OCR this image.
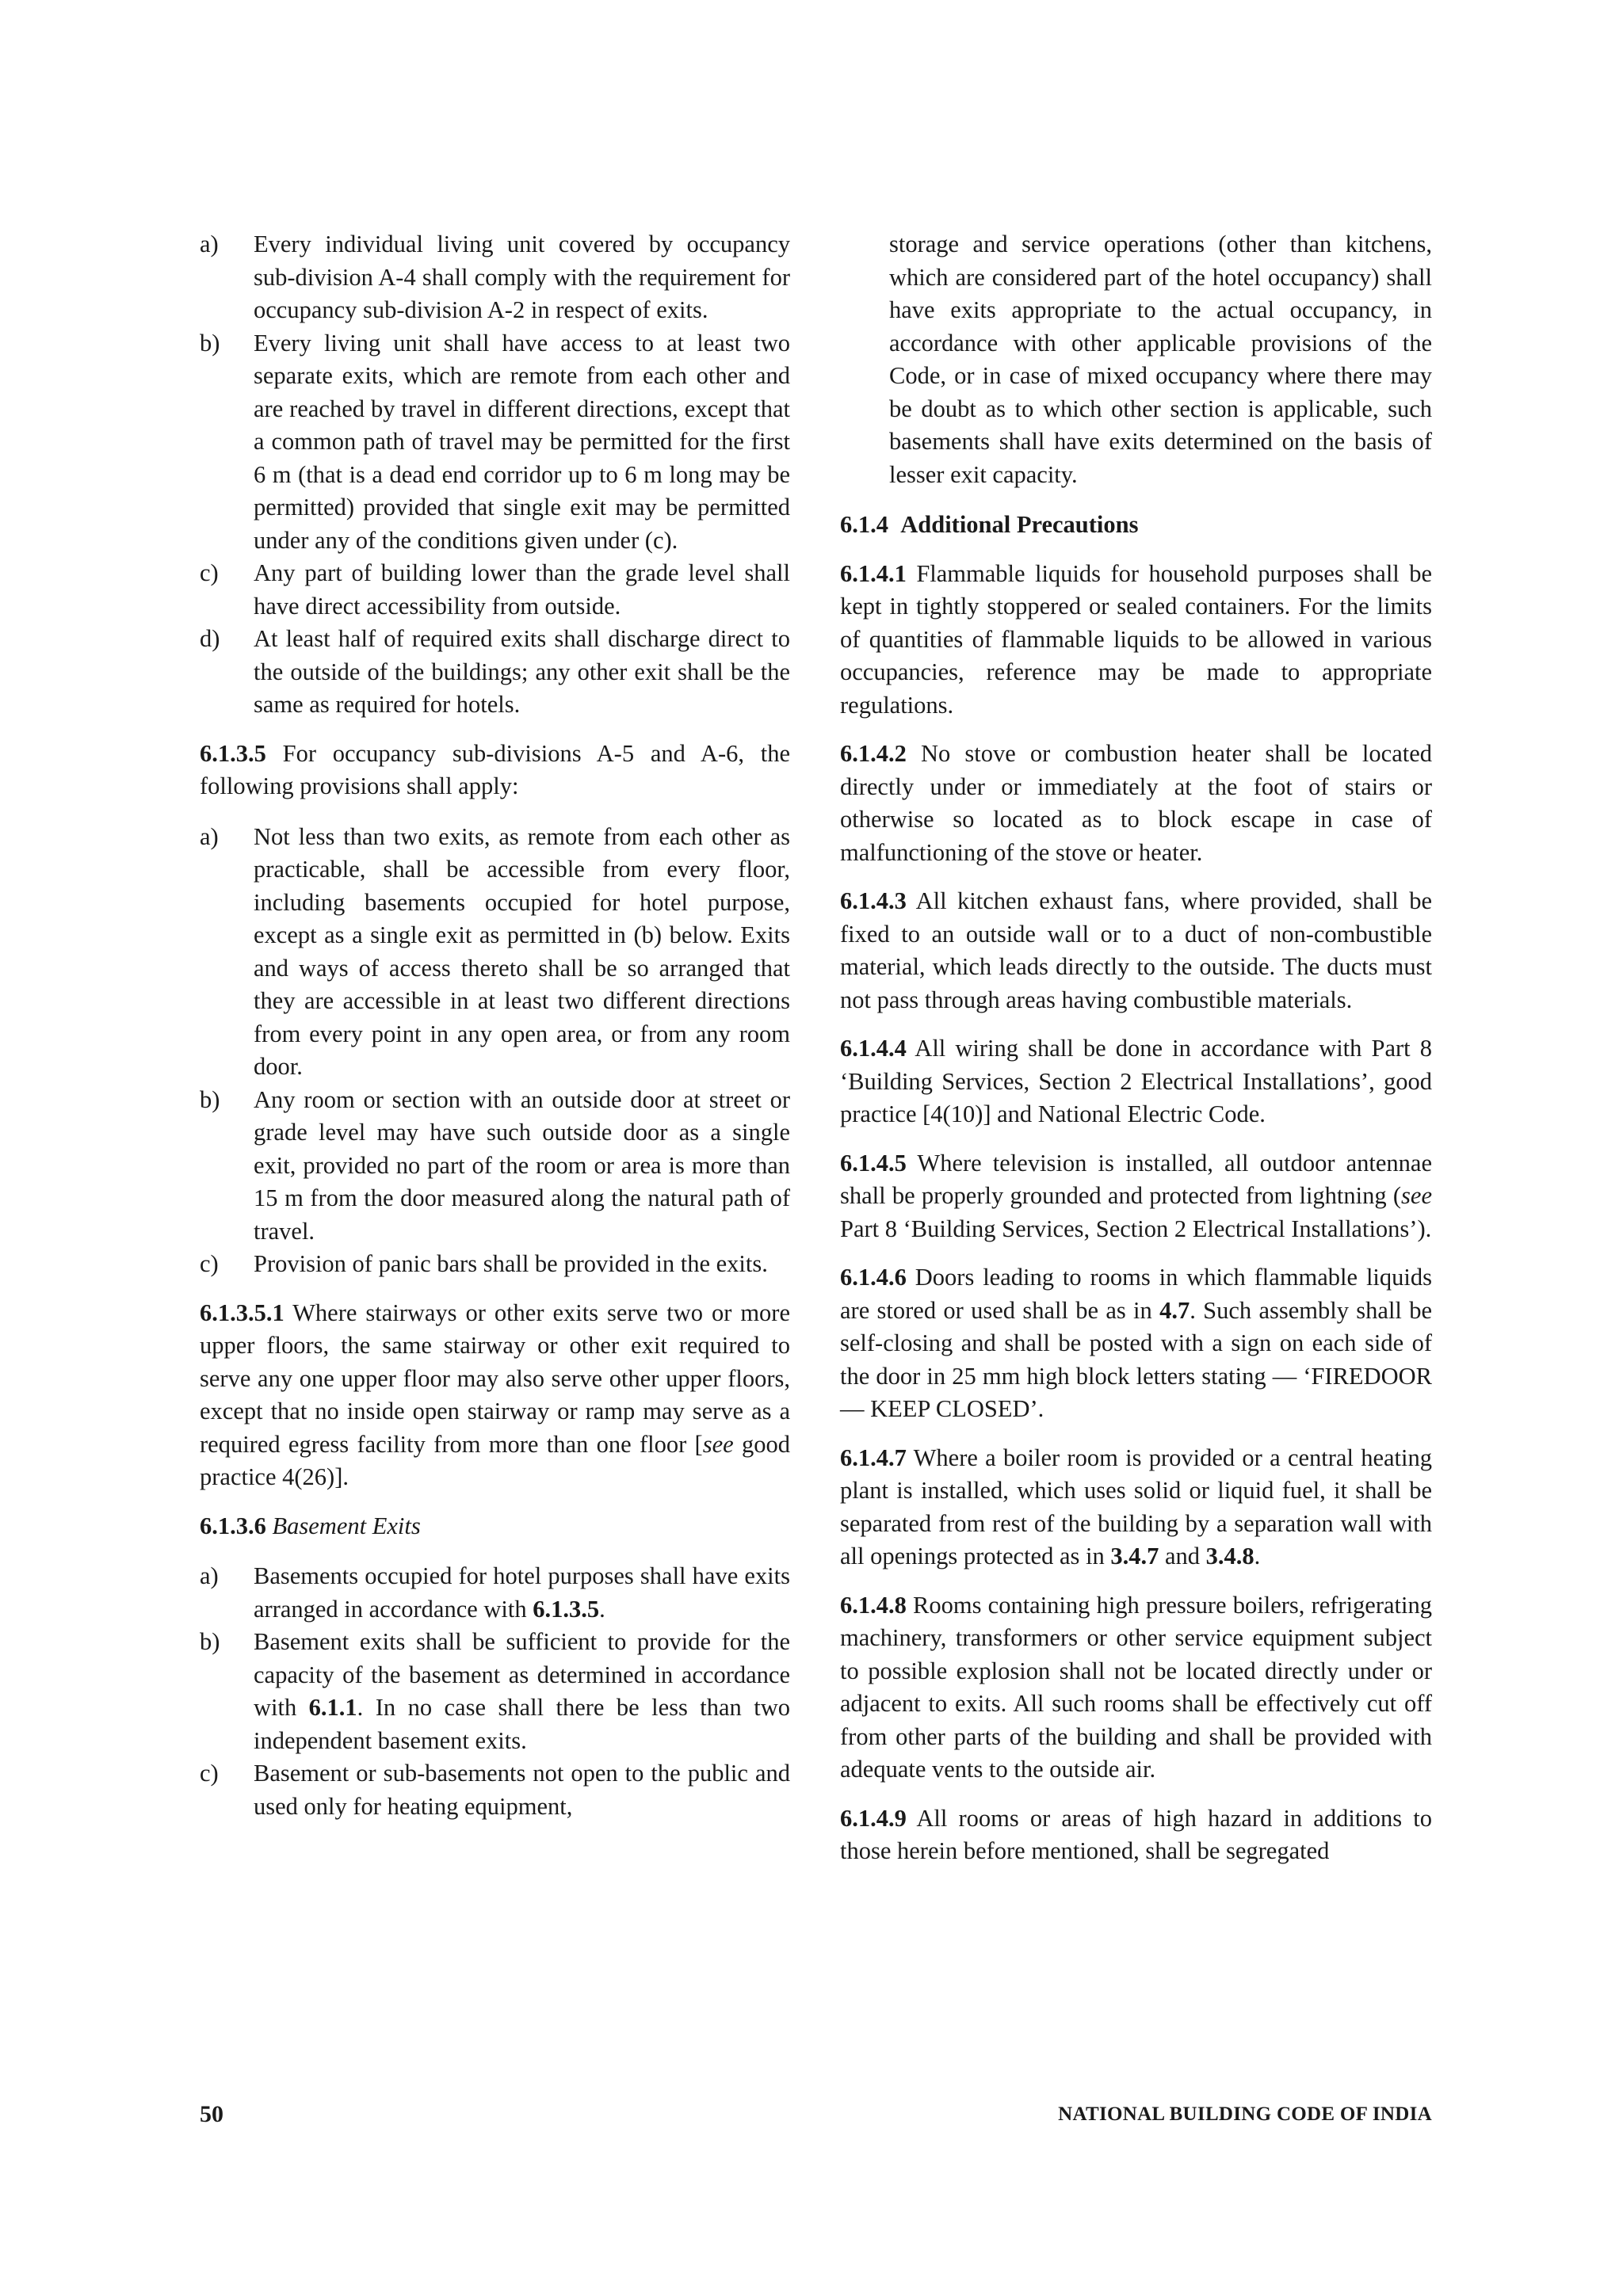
a)	Every individual living unit covered by occupancy sub-division A-4 shall comply with the requirement for occupancy sub-division A-2 in respect of exits.
b)	Every living unit shall have access to at least two separate exits, which are remote from each other and are reached by travel in different directions, except that a common path of travel may be permitted for the first 6 m (that is a dead end corridor up to 6 m long may be permitted) provided that single exit may be permitted under any of the conditions given under (c).
c)	Any part of building lower than the grade level shall have direct accessibility from outside.
d)	At least half of required exits shall discharge direct to the outside of the buildings; any other exit shall be the same as required for hotels.

6.1.3.5 For occupancy sub-divisions A-5 and A-6, the following provisions shall apply:

a)	Not less than two exits, as remote from each other as practicable, shall be accessible from every floor, including basements occupied for hotel purpose, except as a single exit as permitted in (b) below. Exits and ways of access thereto shall be so arranged that they are accessible in at least two different directions from every point in any open area, or from any room door.
b)	Any room or section with an outside door at street or grade level may have such outside door as a single exit, provided no part of the room or area is more than 15 m from the door measured along the natural path of travel.
c)	Provision of panic bars shall be provided in the exits.

6.1.3.5.1 Where stairways or other exits serve two or more upper floors, the same stairway or other exit required to serve any one upper floor may also serve other upper floors, except that no inside open stairway or ramp may serve as a required egress facility from more than one floor [see good practice 4(26)].

6.1.3.6 Basement Exits

a)	Basements occupied for hotel purposes shall have exits arranged in accordance with 6.1.3.5.
b)	Basement exits shall be sufficient to provide for the capacity of the basement as determined in accordance with 6.1.1. In no case shall there be less than two independent basement exits.
c)	Basement or sub-basements not open to the public and used only for heating equipment,

storage and service operations (other than kitchens, which are considered part of the hotel occupancy) shall have exits appropriate to the actual occupancy, in accordance with other applicable provisions of the Code, or in case of mixed occupancy where there may be doubt as to which other section is applicable, such basements shall have exits determined on the basis of lesser exit capacity.

6.1.4 Additional Precautions

6.1.4.1 Flammable liquids for household purposes shall be kept in tightly stoppered or sealed containers. For the limits of quantities of flammable liquids to be allowed in various occupancies, reference may be made to appropriate regulations.

6.1.4.2 No stove or combustion heater shall be located directly under or immediately at the foot of stairs or otherwise so located as to block escape in case of malfunctioning of the stove or heater.

6.1.4.3 All kitchen exhaust fans, where provided, shall be fixed to an outside wall or to a duct of non-combustible material, which leads directly to the outside. The ducts must not pass through areas having combustible materials.

6.1.4.4 All wiring shall be done in accordance with Part 8 ‘Building Services, Section 2 Electrical Installations’, good practice [4(10)] and National Electric Code.

6.1.4.5 Where television is installed, all outdoor antennae shall be properly grounded and protected from lightning (see Part 8 ‘Building Services, Section 2 Electrical Installations’).

6.1.4.6 Doors leading to rooms in which flammable liquids are stored or used shall be as in 4.7. Such assembly shall be self-closing and shall be posted with a sign on each side of the door in 25 mm high block letters stating — ‘FIREDOOR — KEEP CLOSED’.

6.1.4.7 Where a boiler room is provided or a central heating plant is installed, which uses solid or liquid fuel, it shall be separated from rest of the building by a separation wall with all openings protected as in 3.4.7 and 3.4.8.

6.1.4.8 Rooms containing high pressure boilers, refrigerating machinery, transformers or other service equipment subject to possible explosion shall not be located directly under or adjacent to exits. All such rooms shall be effectively cut off from other parts of the building and shall be provided with adequate vents to the outside air.

6.1.4.9 All rooms or areas of high hazard in additions to those herein before mentioned, shall be segregated

50	NATIONAL BUILDING CODE OF INDIA
